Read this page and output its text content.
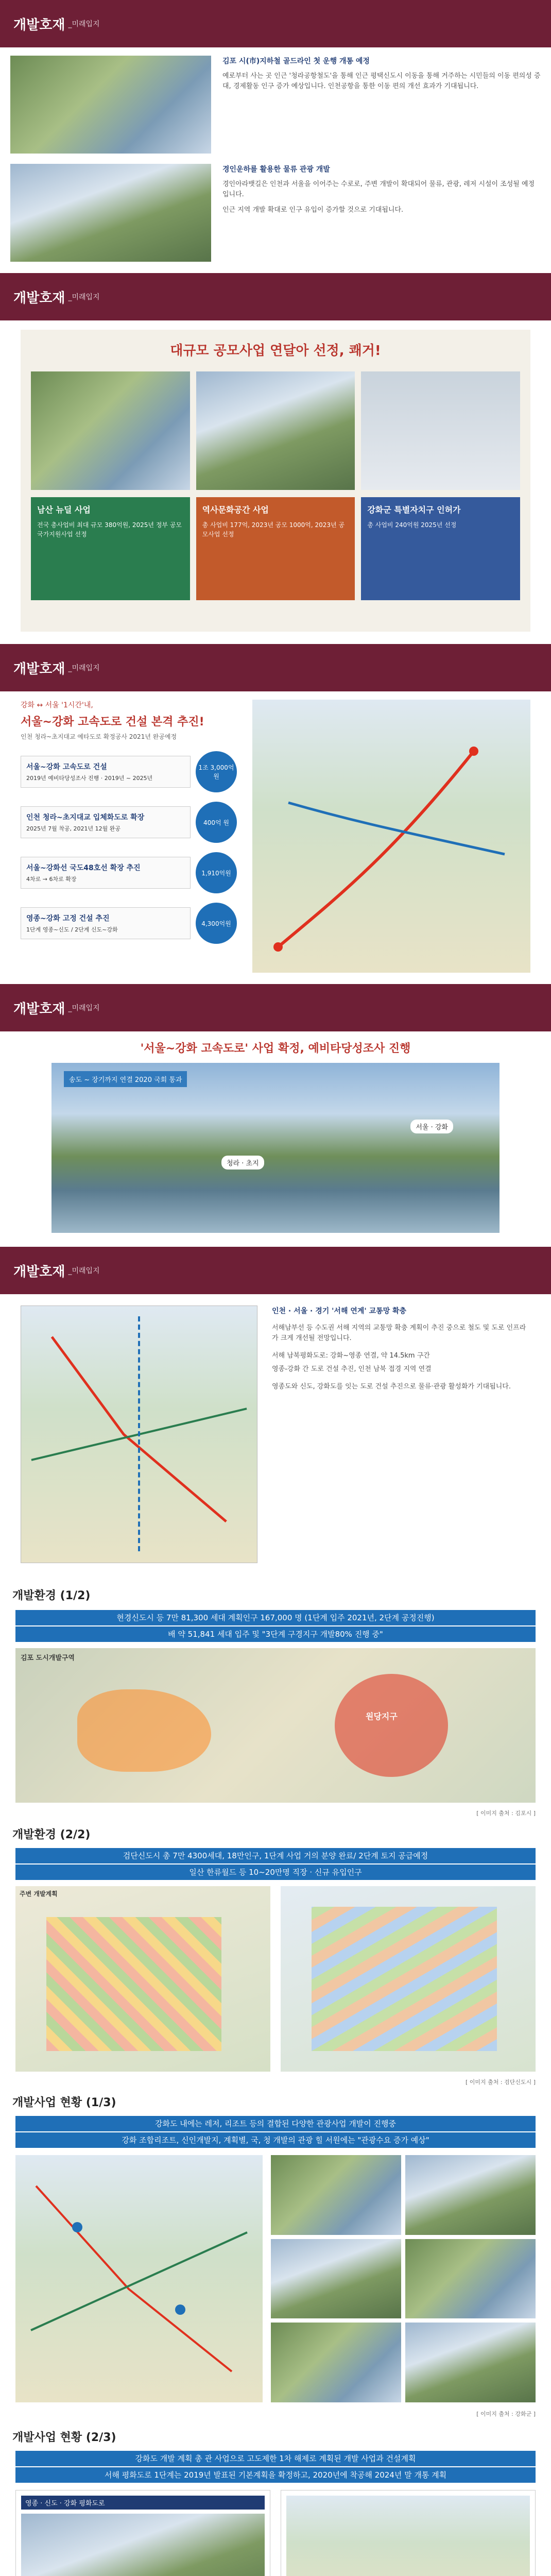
개발호재 _미래입지
김포 시(市)지하철 골드라인 첫 운행 개통 예정
예로부터 사는 곳 인근 '청라공항철도'을 통해 인근 평택신도시 이동을 통해 거주하는 시민들의 이동 편의성 증대, 경제활동 인구 증가 예상입니다. 인천공항을 통한 이동 편의 개선 효과가 기대됩니다.
경인운하를 활용한 물류 관광 개발
경인아라뱃길은 인천과 서울을 이어주는 수로로, 주변 개발이 확대되어 물류, 관광, 레저 시설이 조성될 예정입니다.
인근 지역 개발 확대로 인구 유입이 증가할 것으로 기대됩니다.
개발호재 _미래입지
대규모 공모사업 연달아 선정, 쾌거!
남산 뉴딜 사업
전국 총사업비 최대 규모 380억원, 2025년 정부 공모 국가지원사업 선정
역사문화공간 사업
총 사업비 177억, 2023년 공모 1000억, 2023년 공모사업 선정
강화군 특별자치구 인허가
총 사업비 240억원 2025년 선정
개발호재 _미래입지
강화 ↔ 서울 '1시간'내,
서울~강화 고속도로 건설 본격 추진!
인천 청라~초지대교 예타도로 확정공사 2021년 완공예정
서울~강화 고속도로 건설
2019년 예비타당성조사 진행 · 2019년 ~ 2025년
1조 3,000억 원
인천 청라~초지대교 입체화도로 확장
2025년 7월 착공, 2021년 12월 완공
400억 원
서울~강화선 국도48호선 확장 추진
4차로 → 6차로 확장
1,910억원
영종~강화 고정 건설 추진
1단계 영종~신도 / 2단계 신도~강화
4,300억원
개발호재 _미래입지
'서울~강화 고속도로' 사업 확정, 예비타당성조사 진행
송도 ~ 장기까지 연결 2020 국회 통과
서울 · 강화
청라 · 초지
개발호재 _미래입지
인천 · 서울 · 경기 '서해 연계' 교통망 확충
서해남부선 등 수도권 서해 지역의 교통망 확충 계획이 추진 중으로 철도 및 도로 인프라가 크게 개선될 전망입니다.
서해 남북평화도로: 강화~영종 연결, 약 14.5km 구간
영종-강화 간 도로 건설 추진, 인천 남북 접경 지역 연결
영종도와 신도, 강화도를 잇는 도로 건설 추진으로 물류·관광 활성화가 기대됩니다.
개발환경 (1/2)
현경신도시 등 7만 81,300 세대 계획인구 167,000 명 (1단계 입주 2021년, 2단계 공정진행)
배 약 51,841 세대 입주 및 "3단계 구경지구 개발80% 진행 중"
김포 도시개발구역
원당지구
[ 이미지 출처 : 김포시 ]
개발환경 (2/2)
검단신도시 총 7만 4300세대, 18만인구, 1단계 사업 거의 분양 완료/ 2단계 토지 공급예정
일산 한류월드 등 10~20만명 직장 · 신규 유입인구
주변 개발계획
[ 이미지 출처 : 검단신도시 ]
개발사업 현황 (1/3)
강화도 내에는 레저, 리조트 등의 결합된 다양한 관광사업 개발이 진행중
강화 조합리조트, 신인개발지, 계획별, 국, 청 개발의 관광 힐 서원에는 "관광수요 증가 예상"
[ 이미지 출처 : 강화군 ]
개발사업 현황 (2/3)
강화도 개발 계획 총 관 사업으로 고도제한 1차 해제로 계획된 개발 사업과 건설계획
서해 평화도로 1단계는 2019년 발표된 기본계획을 확정하고, 2020년에 착공해 2024년 말 개통 계획
영종 · 신도 · 강화 평화도로
